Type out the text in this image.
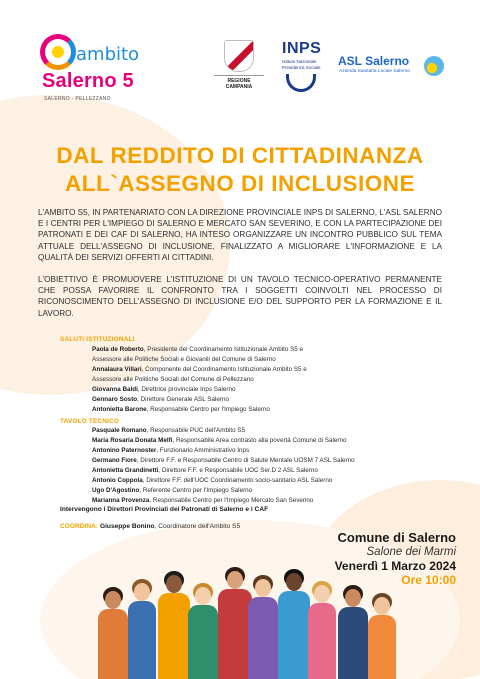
ambito
Salerno 5
SALERNO - PELLEZZANO
REGIONE CAMPANIA
INPS
Istituto Nazionale Previdenza Sociale	ASL Salerno
Azienda Sanitaria Locale Salerno
DAL REDDITO DI CITTADINANZA
ALL`ASSEGNO DI INCLUSIONE

L'AMBITO S5, IN PARTENARIATO CON LA DIREZIONE PROVINCIALE INPS DI SALERNO, L'ASL SALERNO E I CENTRI PER L'IMPIEGO DI SALERNO E MERCATO SAN SEVERINO, E CON LA PARTECIPAZIONE DEI PATRONATI E DEI CAF DI SALERNO, HA INTESO ORGANIZZARE UN INCONTRO PUBBLICO SUL TEMA ATTUALE DELL'ASSEGNO DI INCLUSIONE, FINALIZZATO A MIGLIORARE L'INFORMAZIONE E LA QUALITÀ DEI SERVIZI OFFERTI AI CITTADINI.

L'OBIETTIVO È PROMUOVERE L'ISTITUZIONE DI UN TAVOLO TECNICO-OPERATIVO PERMANENTE CHE POSSA FAVORIRE IL CONFRONTO TRA I SOGGETTI COINVOLTI NEL PROCESSO DI RICONOSCIMENTO DELL'ASSEGNO DI INCLUSIONE E/O DEL SUPPORTO PER LA FORMAZIONE E IL LAVORO.

SALUTI ISTITUZIONALI
Paola de Roberto, Presidente del Coordinamento Istituzionale Ambito S5 e
Assessore alle Politiche Sociali e Giovanili del Comune di Salerno
Annalaura Villari, Componente del Coordinamento Istituzionale Ambito S5 e
Assessore alle Politiche Sociali del Comune di Pellezzano
Giovanna Baldi, Direttrice provinciale Inps Salerno
Gennaro Sosto, Direttore Generale ASL Salerno
Antonietta Barone, Responsabile Centro per l'Impiego Salerno
TAVOLO TECNICO
Pasquale Romano, Responsabile PUC dell'Ambito S5
Maria Rosaria Donata Melfi, Responsabile Area contrasto alla povertà Comune di Salerno
Antonino Paternoster, Funzionario Amministrativo Inps
Germano Fiore, Direttore F.F. e Responsabile Centro di Salute Mentale UOSM 7 ASL Salerno
Antonietta Grandinetti, Direttore F.F. e Responsabile UOC Ser.D 2 ASL Salerno
Antonio Coppola, Direttore F.F. dell'UOC Coordinamento socio-sanitario ASL Salerno
Ugo D'Agostino, Referente Centro per l'Impiego Salerno
Marianna Provenza, Responsabile Centro per l'Impiego Mercato San Severino
Intervengono i Direttori Provinciali dei Patronati di Salerno e i CAF
COORDINA: Giuseppe Bonino, Coordinatore dell'Ambito S5
Comune di Salerno
Salone dei Marmi
Venerdì 1 Marzo 2024
Ore 10:00
